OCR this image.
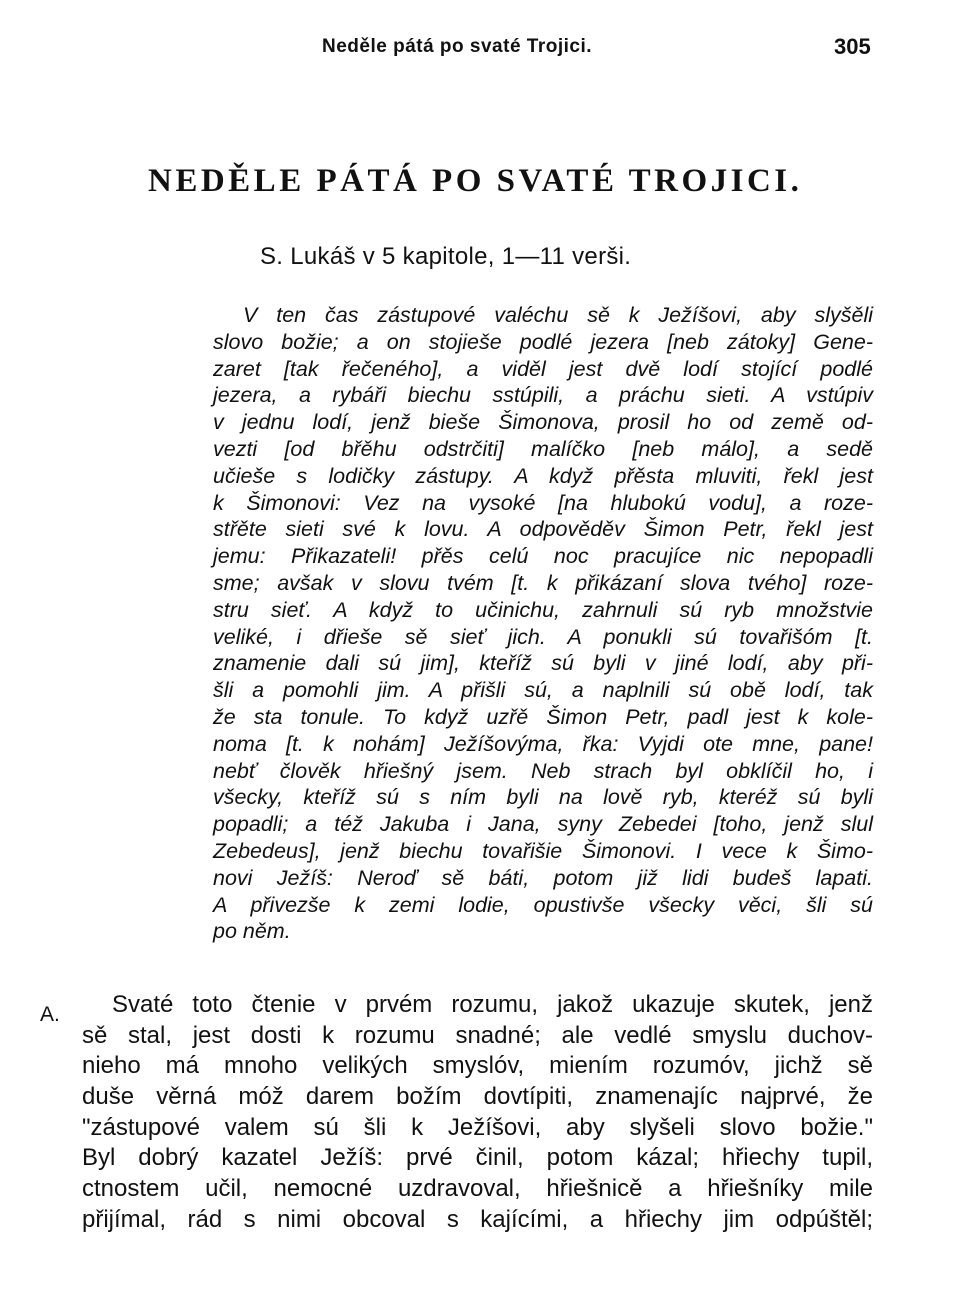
Neděle pátá po svaté Trojici.	305
NEDĚLE PÁTÁ PO SVATÉ TROJICI.
S. Lukáš v 5 kapitole, 1—11 verši.
V ten čas zástupové valéchu sě k Ježíšovi, aby slyšěli
slovo božie; a on stojieše podlé jezera [neb zátoky] Gene-
zaret [tak řečeného], a viděl jest dvě lodí stojící podlé
jezera, a rybáři biechu sstúpili, a práchu sieti. A vstúpiv
v jednu lodí, jenž bieše Šimonova, prosil ho od země od-
vezti [od břěhu odstrčiti] malíčko [neb málo], a sedě
učieše s lodičky zástupy. A když přěsta mluviti, řekl jest
k Šimonovi: Vez na vysoké [na hlubokú vodu], a roze-
střěte sieti své k lovu. A odpověděv Šimon Petr, řekl jest
jemu: Přikazateli! přěs celú noc pracujíce nic nepopadli
sme; avšak v slovu tvém [t. k přikázaní slova tvého] roze-
stru sieť. A když to učinichu, zahrnuli sú ryb množstvie
veliké, i dřieše sě sieť jich. A ponukli sú tovařišóm [t.
znamenie dali sú jim], kteříž sú byli v jiné lodí, aby při-
šli a pomohli jim. A přišli sú, a naplnili sú obě lodí, tak
že sta tonule. To když uzřě Šimon Petr, padl jest k kole-
noma [t. k nohám] Ježíšovýma, řka: Vyjdi ote mne, pane!
nebť člověk hřiešný jsem. Neb strach byl obklíčil ho, i
všecky, kteříž sú s ním byli na lově ryb, kteréž sú byli
popadli; a též Jakuba i Jana, syny Zebedei [toho, jenž slul
Zebedeus], jenž biechu tovařišie Šimonovi. I vece k Šimo-
novi Ježíš: Neroď sě báti, potom již lidi budeš lapati.
A přivezše k zemi lodie, opustivše všecky věci, šli sú
po něm.
A.	Svaté toto čtenie v prvém rozumu, jakož ukazuje skutek, jenž
sě stal, jest dosti k rozumu snadné; ale vedlé smyslu duchov-
nieho má mnoho velikých smyslóv, miením rozumóv, jichž sě
duše věrná móž darem božím dovtípiti, znamenajíc najprvé, že
"zástupové valem sú šli k Ježíšovi, aby slyšeli slovo božie."
Byl dobrý kazatel Ježíš: prvé činil, potom kázal; hřiechy tupil,
ctnostem učil, nemocné uzdravoval, hřiešnicě a hřiešníky mile
přijímal, rád s nimi obcoval s kajícími, a hřiechy jim odpúštěl;
